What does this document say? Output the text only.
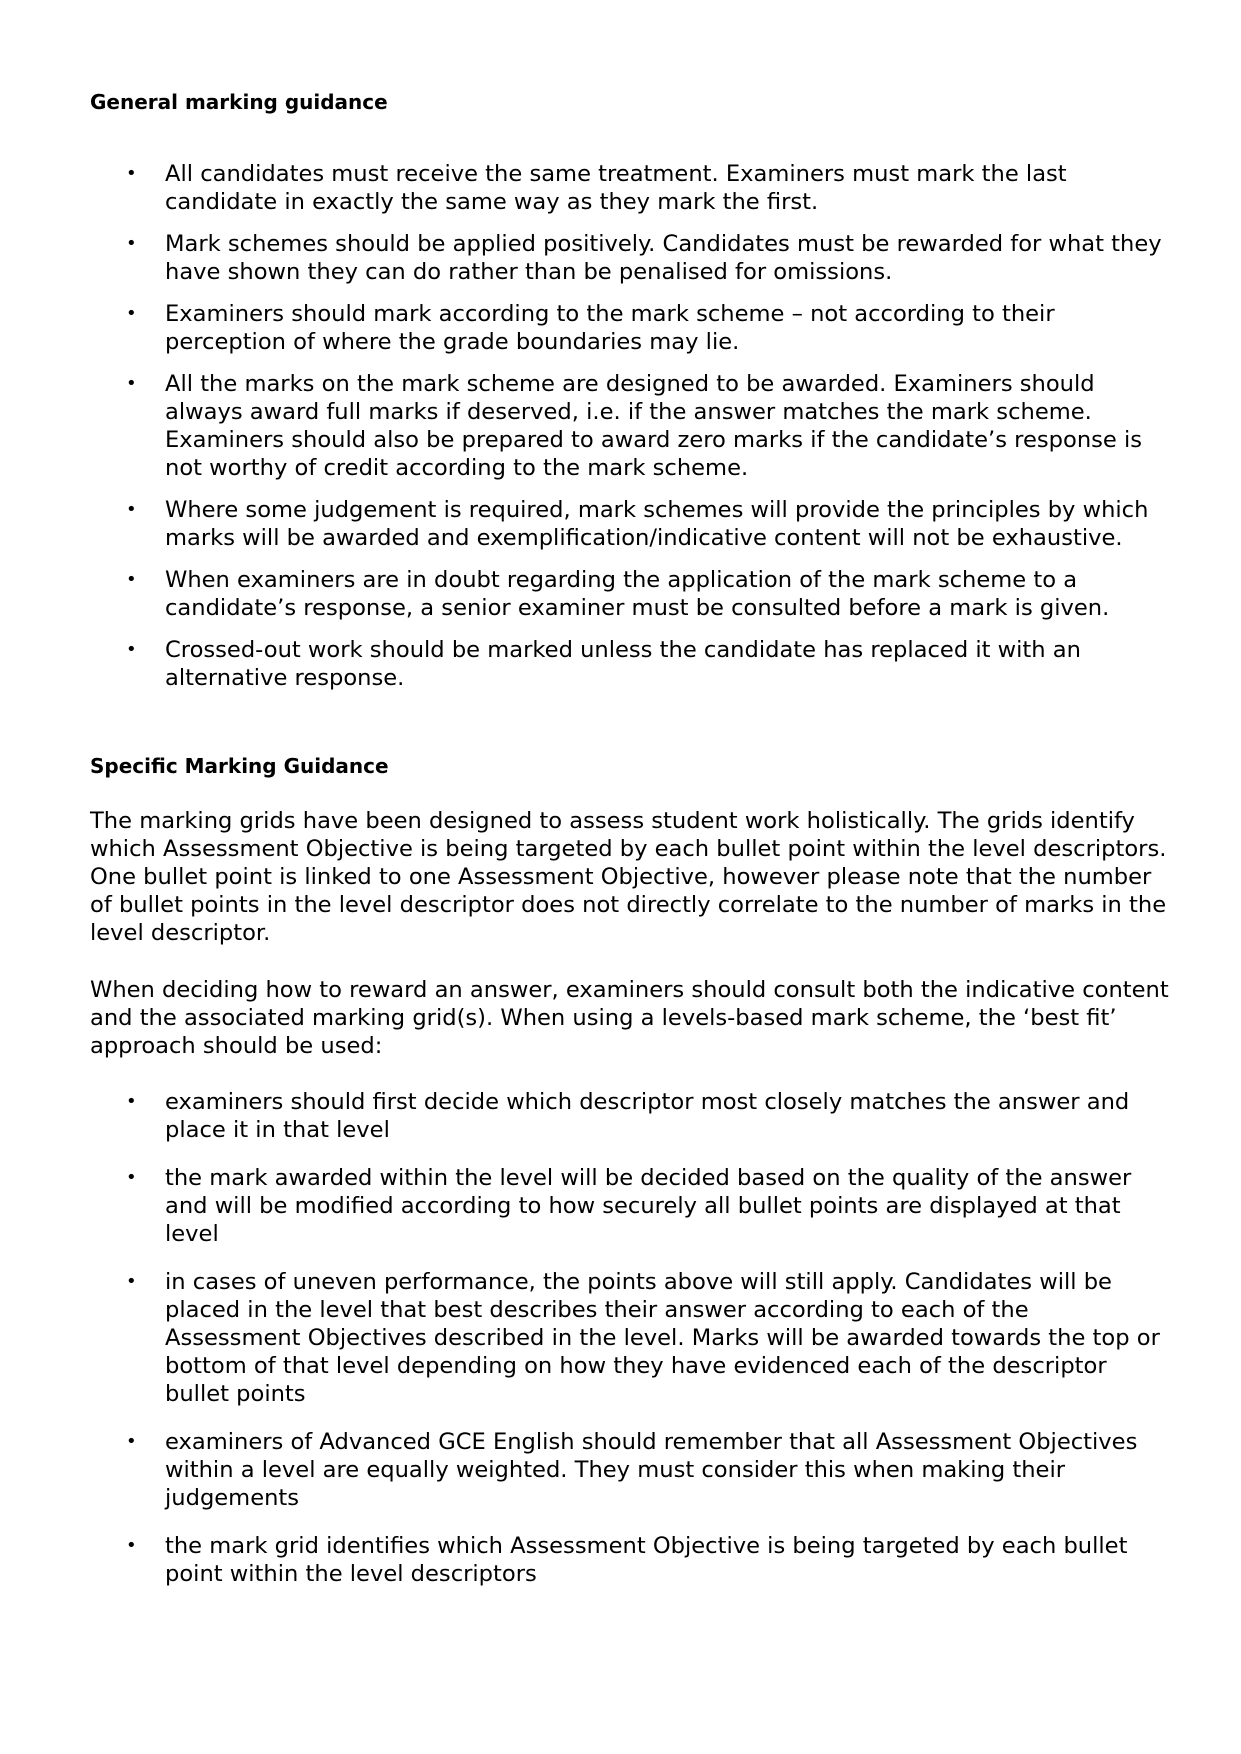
General marking guidance
• All candidates must receive the same treatment. Examiners must mark the last candidate in exactly the same way as they mark the first.
• Mark schemes should be applied positively. Candidates must be rewarded for what they have shown they can do rather than be penalised for omissions.
• Examiners should mark according to the mark scheme – not according to their perception of where the grade boundaries may lie.
• All the marks on the mark scheme are designed to be awarded. Examiners should always award full marks if deserved, i.e. if the answer matches the mark scheme. Examiners should also be prepared to award zero marks if the candidate’s response is not worthy of credit according to the mark scheme.
• Where some judgement is required, mark schemes will provide the principles by which marks will be awarded and exemplification/indicative content will not be exhaustive.
• When examiners are in doubt regarding the application of the mark scheme to a candidate’s response, a senior examiner must be consulted before a mark is given.
• Crossed-out work should be marked unless the candidate has replaced it with an alternative response.
Specific Marking Guidance

The marking grids have been designed to assess student work holistically. The grids identify which Assessment Objective is being targeted by each bullet point within the level descriptors. One bullet point is linked to one Assessment Objective, however please note that the number of bullet points in the level descriptor does not directly correlate to the number of marks in the level descriptor.

When deciding how to reward an answer, examiners should consult both the indicative content and the associated marking grid(s). When using a levels-based mark scheme, the ‘best fit’ approach should be used:

• examiners should first decide which descriptor most closely matches the answer and place it in that level
• the mark awarded within the level will be decided based on the quality of the answer and will be modified according to how securely all bullet points are displayed at that level
• in cases of uneven performance, the points above will still apply. Candidates will be placed in the level that best describes their answer according to each of the Assessment Objectives described in the level. Marks will be awarded towards the top or bottom of that level depending on how they have evidenced each of the descriptor bullet points
• examiners of Advanced GCE English should remember that all Assessment Objectives within a level are equally weighted. They must consider this when making their judgements
• the mark grid identifies which Assessment Objective is being targeted by each bullet point within the level descriptors
